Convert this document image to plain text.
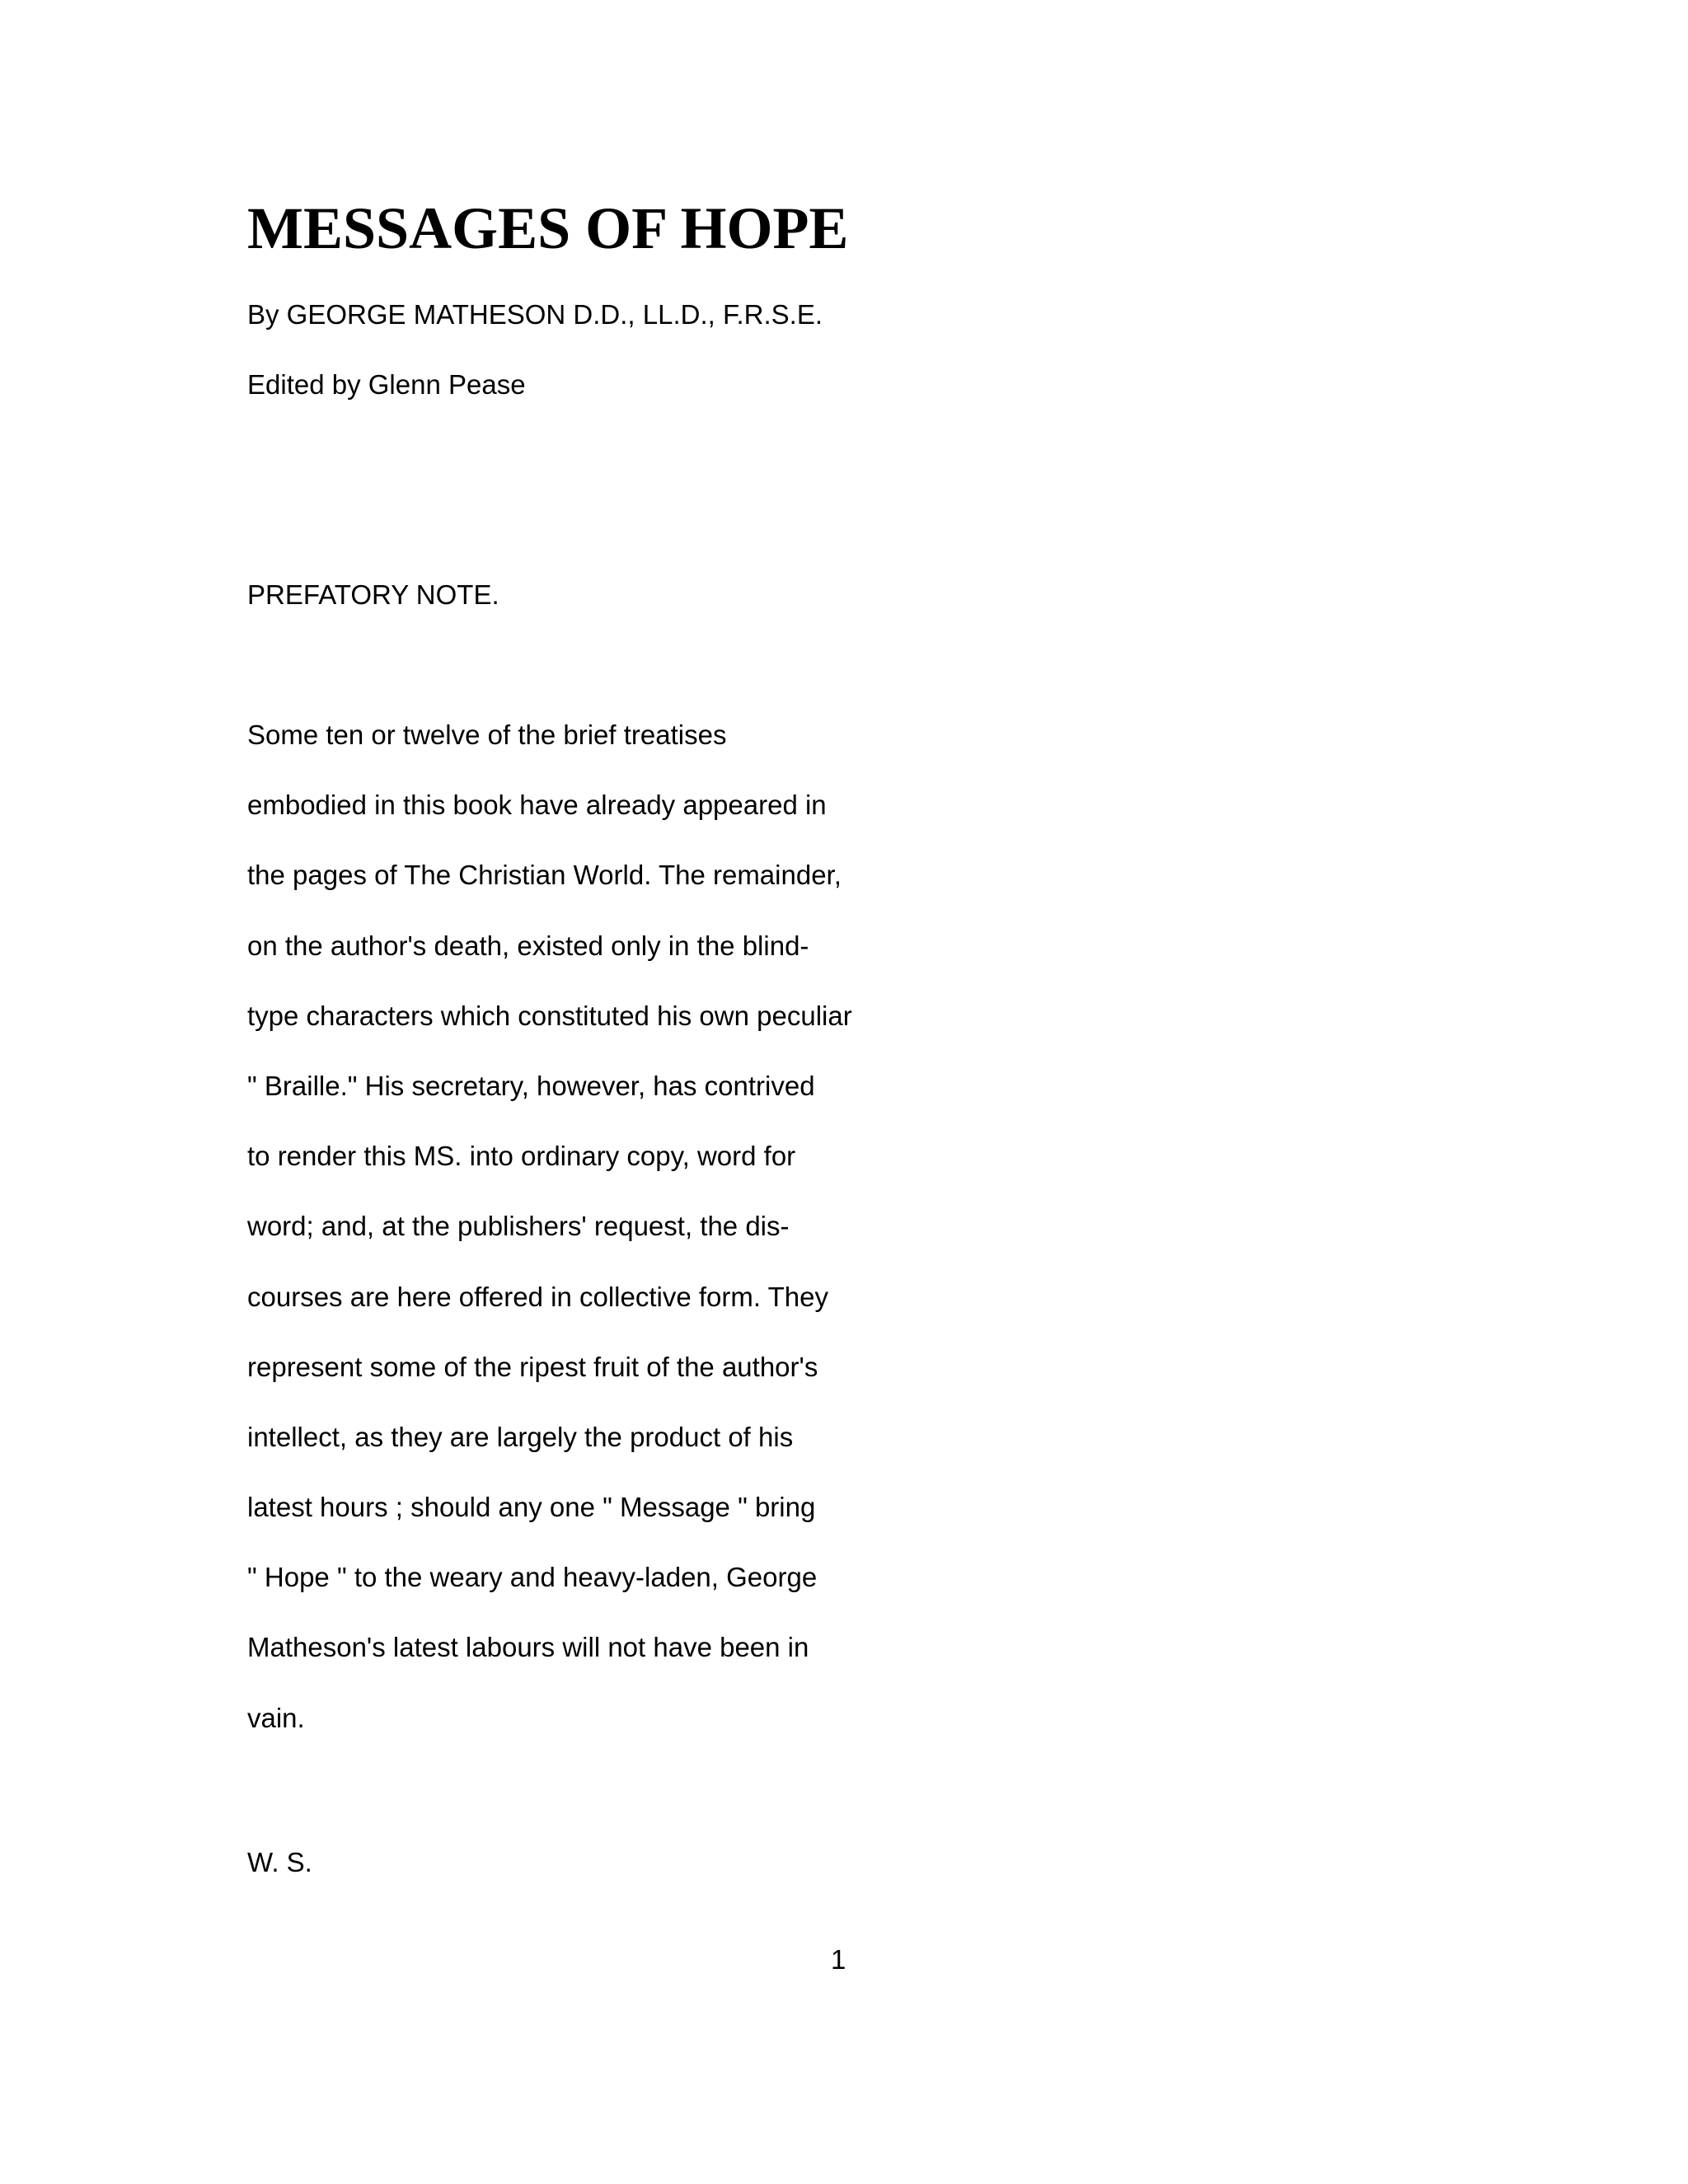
MESSAGES OF HOPE

By GEORGE MATHESON D.D., LL.D., F.R.S.E.

Edited by Glenn Pease

PREFATORY NOTE.

Some ten or twelve of the brief treatises
embodied in this book have already appeared in
the pages of The Christian World. The remainder,
on the author's death, existed only in the blind-
type characters which constituted his own peculiar
" Braille." His secretary, however, has contrived
to render this MS. into ordinary copy, word for
word; and, at the publishers' request, the dis-
courses are here offered in collective form. They
represent some of the ripest fruit of the author's
intellect, as they are largely the product of his
latest hours ; should any one " Message " bring
" Hope " to the weary and heavy-laden, George
Matheson's latest labours will not have been in
vain.

W. S.

1
